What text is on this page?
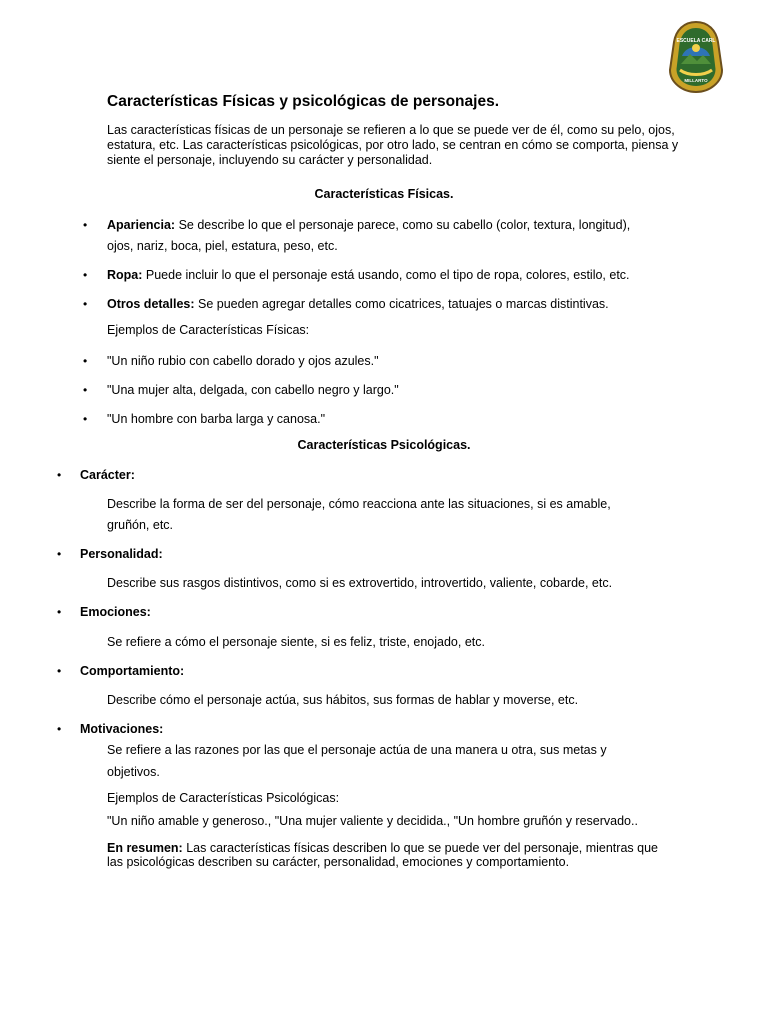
ESCUELA CARL
MILLARTO
Características Físicas y psicológicas de personajes.

Las características físicas de un personaje se refieren a lo que se puede ver de él, como su pelo, ojos, estatura, etc. Las características psicológicas, por otro lado, se centran en cómo se comporta, piensa y siente el personaje, incluyendo su carácter y personalidad.

Características Físicas.

•	Apariencia: Se describe lo que el personaje parece, como su cabello (color, textura, longitud),

ojos, nariz, boca, piel, estatura, peso, etc.

•	Ropa: Puede incluir lo que el personaje está usando, como el tipo de ropa, colores, estilo, etc.

•	Otros detalles: Se pueden agregar detalles como cicatrices, tatuajes o marcas distintivas.

Ejemplos de Características Físicas:

•	"Un niño rubio con cabello dorado y ojos azules."

•	"Una mujer alta, delgada, con cabello negro y largo."

•	"Un hombre con barba larga y canosa."

Características Psicológicas.

•	Carácter:

Describe la forma de ser del personaje, cómo reacciona ante las situaciones, si es amable,

gruñón, etc.

•	Personalidad:

Describe sus rasgos distintivos, como si es extrovertido, introvertido, valiente, cobarde, etc.

•	Emociones:

Se refiere a cómo el personaje siente, si es feliz, triste, enojado, etc.

•	Comportamiento:

Describe cómo el personaje actúa, sus hábitos, sus formas de hablar y moverse, etc.

•	Motivaciones:

Se refiere a las razones por las que el personaje actúa de una manera u otra, sus metas y

objetivos.

Ejemplos de Características Psicológicas:

"Un niño amable y generoso., "Una mujer valiente y decidida., "Un hombre gruñón y reservado..

En resumen: Las características físicas describen lo que se puede ver del personaje, mientras que las psicológicas describen su carácter, personalidad, emociones y comportamiento.
